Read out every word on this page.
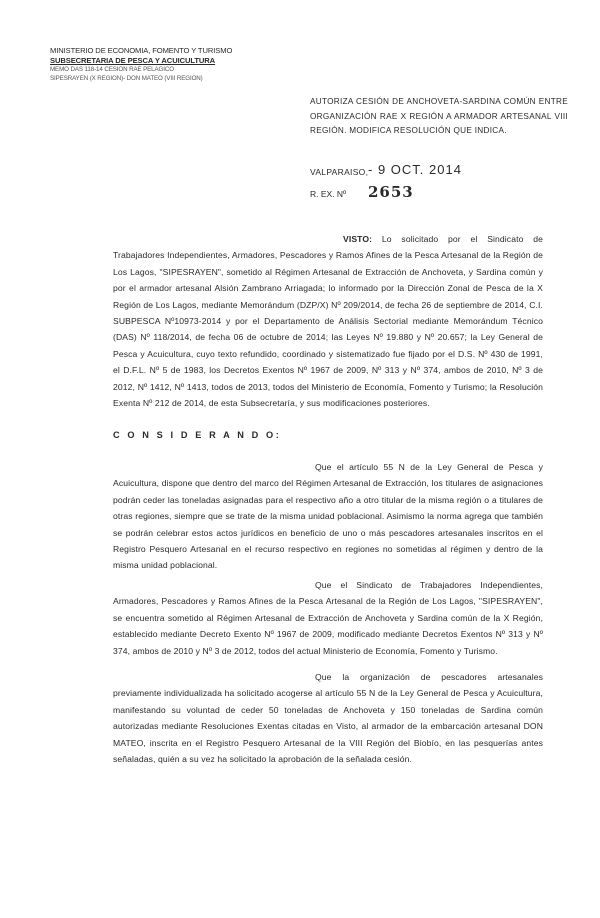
MINISTERIO DE ECONOMIA, FOMENTO Y TURISMO
SUBSECRETARIA DE PESCA Y ACUICULTURA
MEMO DAS 118-14 CESION RAE PELAGICO
SIPESRAYEN (X REGION)- DON MATEO (VIII REGION)
AUTORIZA CESIÓN DE ANCHOVETA-SARDINA COMÚN ENTRE ORGANIZACIÓN RAE X REGIÓN A ARMADOR ARTESANAL VIII REGIÓN. MODIFICA RESOLUCIÓN QUE INDICA.
VALPARAISO, - 9 OCT. 2014
R. EX. Nº 2653
VISTO: Lo solicitado por el Sindicato de Trabajadores Independientes, Armadores, Pescadores y Ramos Afines de la Pesca Artesanal de la Región de Los Lagos, "SIPESRAYEN", sometido al Régimen Artesanal de Extracción de Anchoveta, y Sardina común y por el armador artesanal Alsión Zambrano Arriagada; lo informado por la Dirección Zonal de Pesca de la X Región de Los Lagos, mediante Memorándum (DZP/X) Nº 209/2014, de fecha 26 de septiembre de 2014, C.I. SUBPESCA Nº10973-2014 y por el Departamento de Análisis Sectorial mediante Memorándum Técnico (DAS) Nº 118/2014, de fecha 06 de octubre de 2014; las Leyes Nº 19.880 y Nº 20.657; la Ley General de Pesca y Acuicultura, cuyo texto refundido, coordinado y sistematizado fue fijado por el D.S. Nº 430 de 1991, el D.F.L. Nº 5 de 1983, los Decretos Exentos Nº 1967 de 2009, Nº 313 y Nº 374, ambos de 2010, Nº 3 de 2012, Nº 1412, Nº 1413, todos de 2013, todos del Ministerio de Economía, Fomento y Turismo; la Resolución Exenta Nº 212 de 2014, de esta Subsecretaría, y sus modificaciones posteriores.
C O N S I D E R A N D O:
Que el artículo 55 N de la Ley General de Pesca y Acuicultura, dispone que dentro del marco del Régimen Artesanal de Extracción, los titulares de asignaciones podrán ceder las toneladas asignadas para el respectivo año a otro titular de la misma región o a titulares de otras regiones, siempre que se trate de la misma unidad poblacional. Asimismo la norma agrega que también se podrán celebrar estos actos jurídicos en beneficio de uno o más pescadores artesanales inscritos en el Registro Pesquero Artesanal en el recurso respectivo en regiones no sometidas al régimen y dentro de la misma unidad poblacional.
Que el Sindicato de Trabajadores Independientes, Armadores, Pescadores y Ramos Afines de la Pesca Artesanal de la Región de Los Lagos, "SIPESRAYEN", se encuentra sometido al Régimen Artesanal de Extracción de Anchoveta y Sardina común de la X Región, establecido mediante Decreto Exento Nº 1967 de 2009, modificado mediante Decretos Exentos Nº 313 y Nº 374, ambos de 2010 y Nº 3 de 2012, todos del actual Ministerio de Economía, Fomento y Turismo.
Que la organización de pescadores artesanales previamente individualizada ha solicitado acogerse al artículo 55 N de la Ley General de Pesca y Acuicultura, manifestando su voluntad de ceder 50 toneladas de Anchoveta y 150 toneladas de Sardina común autorizadas mediante Resoluciones Exentas citadas en Visto, al armador de la embarcación artesanal DON MATEO, inscrita en el Registro Pesquero Artesanal de la VIII Región del Biobío, en las pesquerías antes señaladas, quién a su vez ha solicitado la aprobación de la señalada cesión.
